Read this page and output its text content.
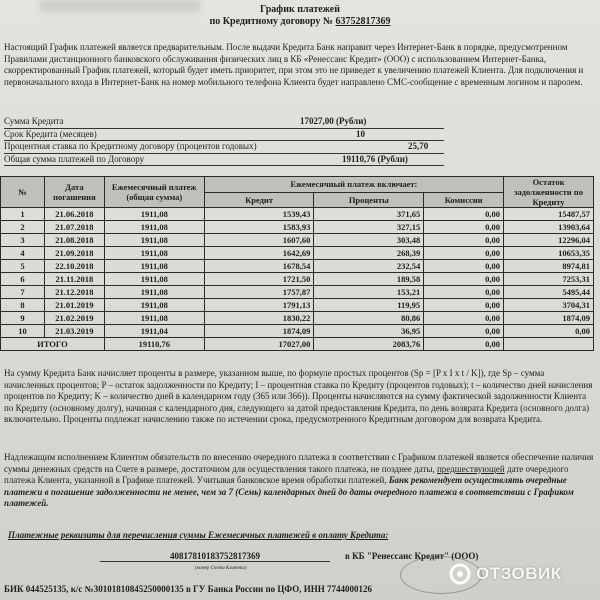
График платежей
по Кредитному договору № 63752817369
Настоящий График платежей является предварительным. После выдачи Кредита Банк направит через Интернет-Банк в порядке, предусмотренном Правилами дистанционного банковского обслуживания физических лиц в КБ «Ренессанс Кредит» (ООО) с использованием Интернет-Банка, скорректированный График платежей, который будет иметь приоритет, при этом это не приведет к увеличению платежей Клиента. Для подключения и первоначального входа в Интернет-Банк на номер мобильного телефона Клиента будет направлено СМС-сообщение с временным логином и паролем.
Сумма Кредита	17027,00 (Рубли)
Срок Кредита (месяцев)	10
Процентная ставка по Кредитному договору (процентов годовых)	25,70
Общая сумма платежей по Договору	19110,76 (Рубли)
№	Дата погашения	Ежемесячный платеж (общая сумма)	Ежемесячный платеж включает:			Остаток задолженности по Кредиту
			Кредит	Проценты	Комиссии	
1	21.06.2018	1911,08	1539,43	371,65	0,00	15487,57
2	21.07.2018	1911,08	1583,93	327,15	0,00	13903,64
3	21.08.2018	1911,08	1607,60	303,48	0,00	12296,04
4	21.09.2018	1911,08	1642,69	268,39	0,00	10653,35
5	22.10.2018	1911,08	1678,54	232,54	0,00	8974,81
6	21.11.2018	1911,08	1721,50	189,58	0,00	7253,31
7	21.12.2018	1911,08	1757,87	153,21	0,00	5495,44
8	21.01.2019	1911,08	1791,13	119,95	0,00	3704,31
9	21.02.2019	1911,08	1830,22	80,86	0,00	1874,09
10	21.03.2019	1911,04	1874,09	36,95	0,00	0,00
ИТОГО		19110,76	17027,00	2083,76	0,00	
На сумму Кредита Банк начисляет проценты в размере, указанном выше, по формуле простых процентов (Sp = [P x I x t / K]), где Sp – сумма начисленных процентов; P – остаток задолженности по Кредиту; I – процентная ставка по Кредиту (процентов годовых); t – количество дней начисления процентов по Кредиту; K – количество дней в календарном году (365 или 366)). Проценты начисляются на сумму фактической задолженности Клиента по Кредиту (основному долгу), начиная с календарного дня, следующего за датой предоставления Кредита, по день возврата Кредита (основного долга) включительно. Проценты подлежат начислению также по истечении срока, предусмотренного Кредитным договором для возврата Кредита.
Надлежащим исполнением Клиентом обязательств по внесению очередного платежа в соответствии с Графиком платежей является обеспечение наличия суммы денежных средств на Счете в размере, достаточном для осуществления такого платежа, не позднее даты, предшествующей дате очередного платежа Клиента, указанной в Графике платежей. Учитывая банковское время обработки платежей, Банк рекомендует осуществлять очередные платежи в погашение задолженности не менее, чем за 7 (Семь) календарных дней до даты очередного платежа в соответствии с Графиком платежей.
Платежные реквизиты для перечисления суммы Ежемесячных платежей в оплату Кредита:
40817810183752817369
(номер Счета Клиента)
в КБ "Ренессанс Кредит" (ООО)
БИК 044525135, к/с №30101810845250000135 в ГУ Банка России по ЦФО, ИНН 7744000126
ОТЗОВИК
